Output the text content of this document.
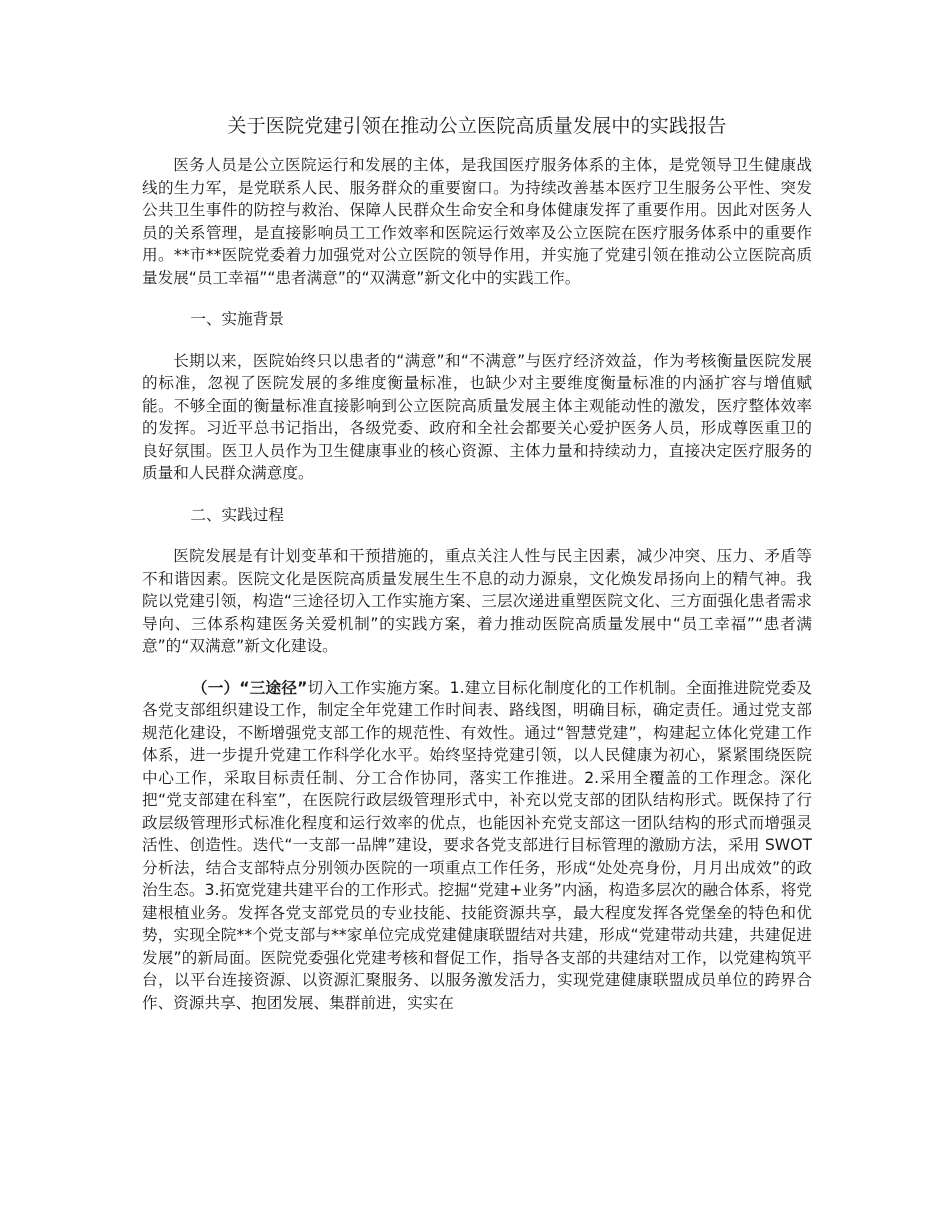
关于医院党建引领在推动公立医院高质量发展中的实践报告

医务人员是公立医院运行和发展的主体，是我国医疗服务体系的主体，是党领导卫生健康战线的生力军，是党联系人民、服务群众的重要窗口。为持续改善基本医疗卫生服务公平性、突发公共卫生事件的防控与救治、保障人民群众生命安全和身体健康发挥了重要作用。因此对医务人员的关系管理，是直接影响员工工作效率和医院运行效率及公立医院在医疗服务体系中的重要作用。**市**医院党委着力加强党对公立医院的领导作用，并实施了党建引领在推动公立医院高质量发展“员工幸福”“患者满意”的“双满意”新文化中的实践工作。

一、实施背景

长期以来，医院始终只以患者的“满意”和“不满意”与医疗经济效益，作为考核衡量医院发展的标准，忽视了医院发展的多维度衡量标准，也缺少对主要维度衡量标准的内涵扩容与增值赋能。不够全面的衡量标准直接影响到公立医院高质量发展主体主观能动性的激发，医疗整体效率的发挥。习近平总书记指出，各级党委、政府和全社会都要关心爱护医务人员，形成尊医重卫的良好氛围。医卫人员作为卫生健康事业的核心资源、主体力量和持续动力，直接决定医疗服务的质量和人民群众满意度。

二、实践过程

医院发展是有计划变革和干预措施的，重点关注人性与民主因素，减少冲突、压力、矛盾等不和谐因素。医院文化是医院高质量发展生生不息的动力源泉，文化焕发昂扬向上的精气神。我院以党建引领，构造“三途径切入工作实施方案、三层次递进重塑医院文化、三方面强化患者需求导向、三体系构建医务关爱机制”的实践方案，着力推动医院高质量发展中“员工幸福”“患者满意”的“双满意”新文化建设。

（一）“三途径”切入工作实施方案。1.建立目标化制度化的工作机制。全面推进院党委及各党支部组织建设工作，制定全年党建工作时间表、路线图，明确目标，确定责任。通过党支部规范化建设，不断增强党支部工作的规范性、有效性。通过“智慧党建”，构建起立体化党建工作体系，进一步提升党建工作科学化水平。始终坚持党建引领，以人民健康为初心，紧紧围绕医院中心工作，采取目标责任制、分工合作协同，落实工作推进。2.采用全覆盖的工作理念。深化把“党支部建在科室”，在医院行政层级管理形式中，补充以党支部的团队结构形式。既保持了行政层级管理形式标准化程度和运行效率的优点，也能因补充党支部这一团队结构的形式而增强灵活性、创造性。迭代“一支部一品牌”建设，要求各党支部进行目标管理的激励方法，采用 SWOT 分析法，结合支部特点分别领办医院的一项重点工作任务，形成“处处亮身份，月月出成效”的政治生态。3.拓宽党建共建平台的工作形式。挖掘“党建+业务”内涵，构造多层次的融合体系，将党建根植业务。发挥各党支部党员的专业技能、技能资源共享，最大程度发挥各党堡垒的特色和优势，实现全院**个党支部与**家单位完成党建健康联盟结对共建，形成“党建带动共建，共建促进发展”的新局面。医院党委强化党建考核和督促工作，指导各支部的共建结对工作，以党建构筑平台，以平台连接资源、以资源汇聚服务、以服务激发活力，实现党建健康联盟成员单位的跨界合作、资源共享、抱团发展、集群前进，实实在
